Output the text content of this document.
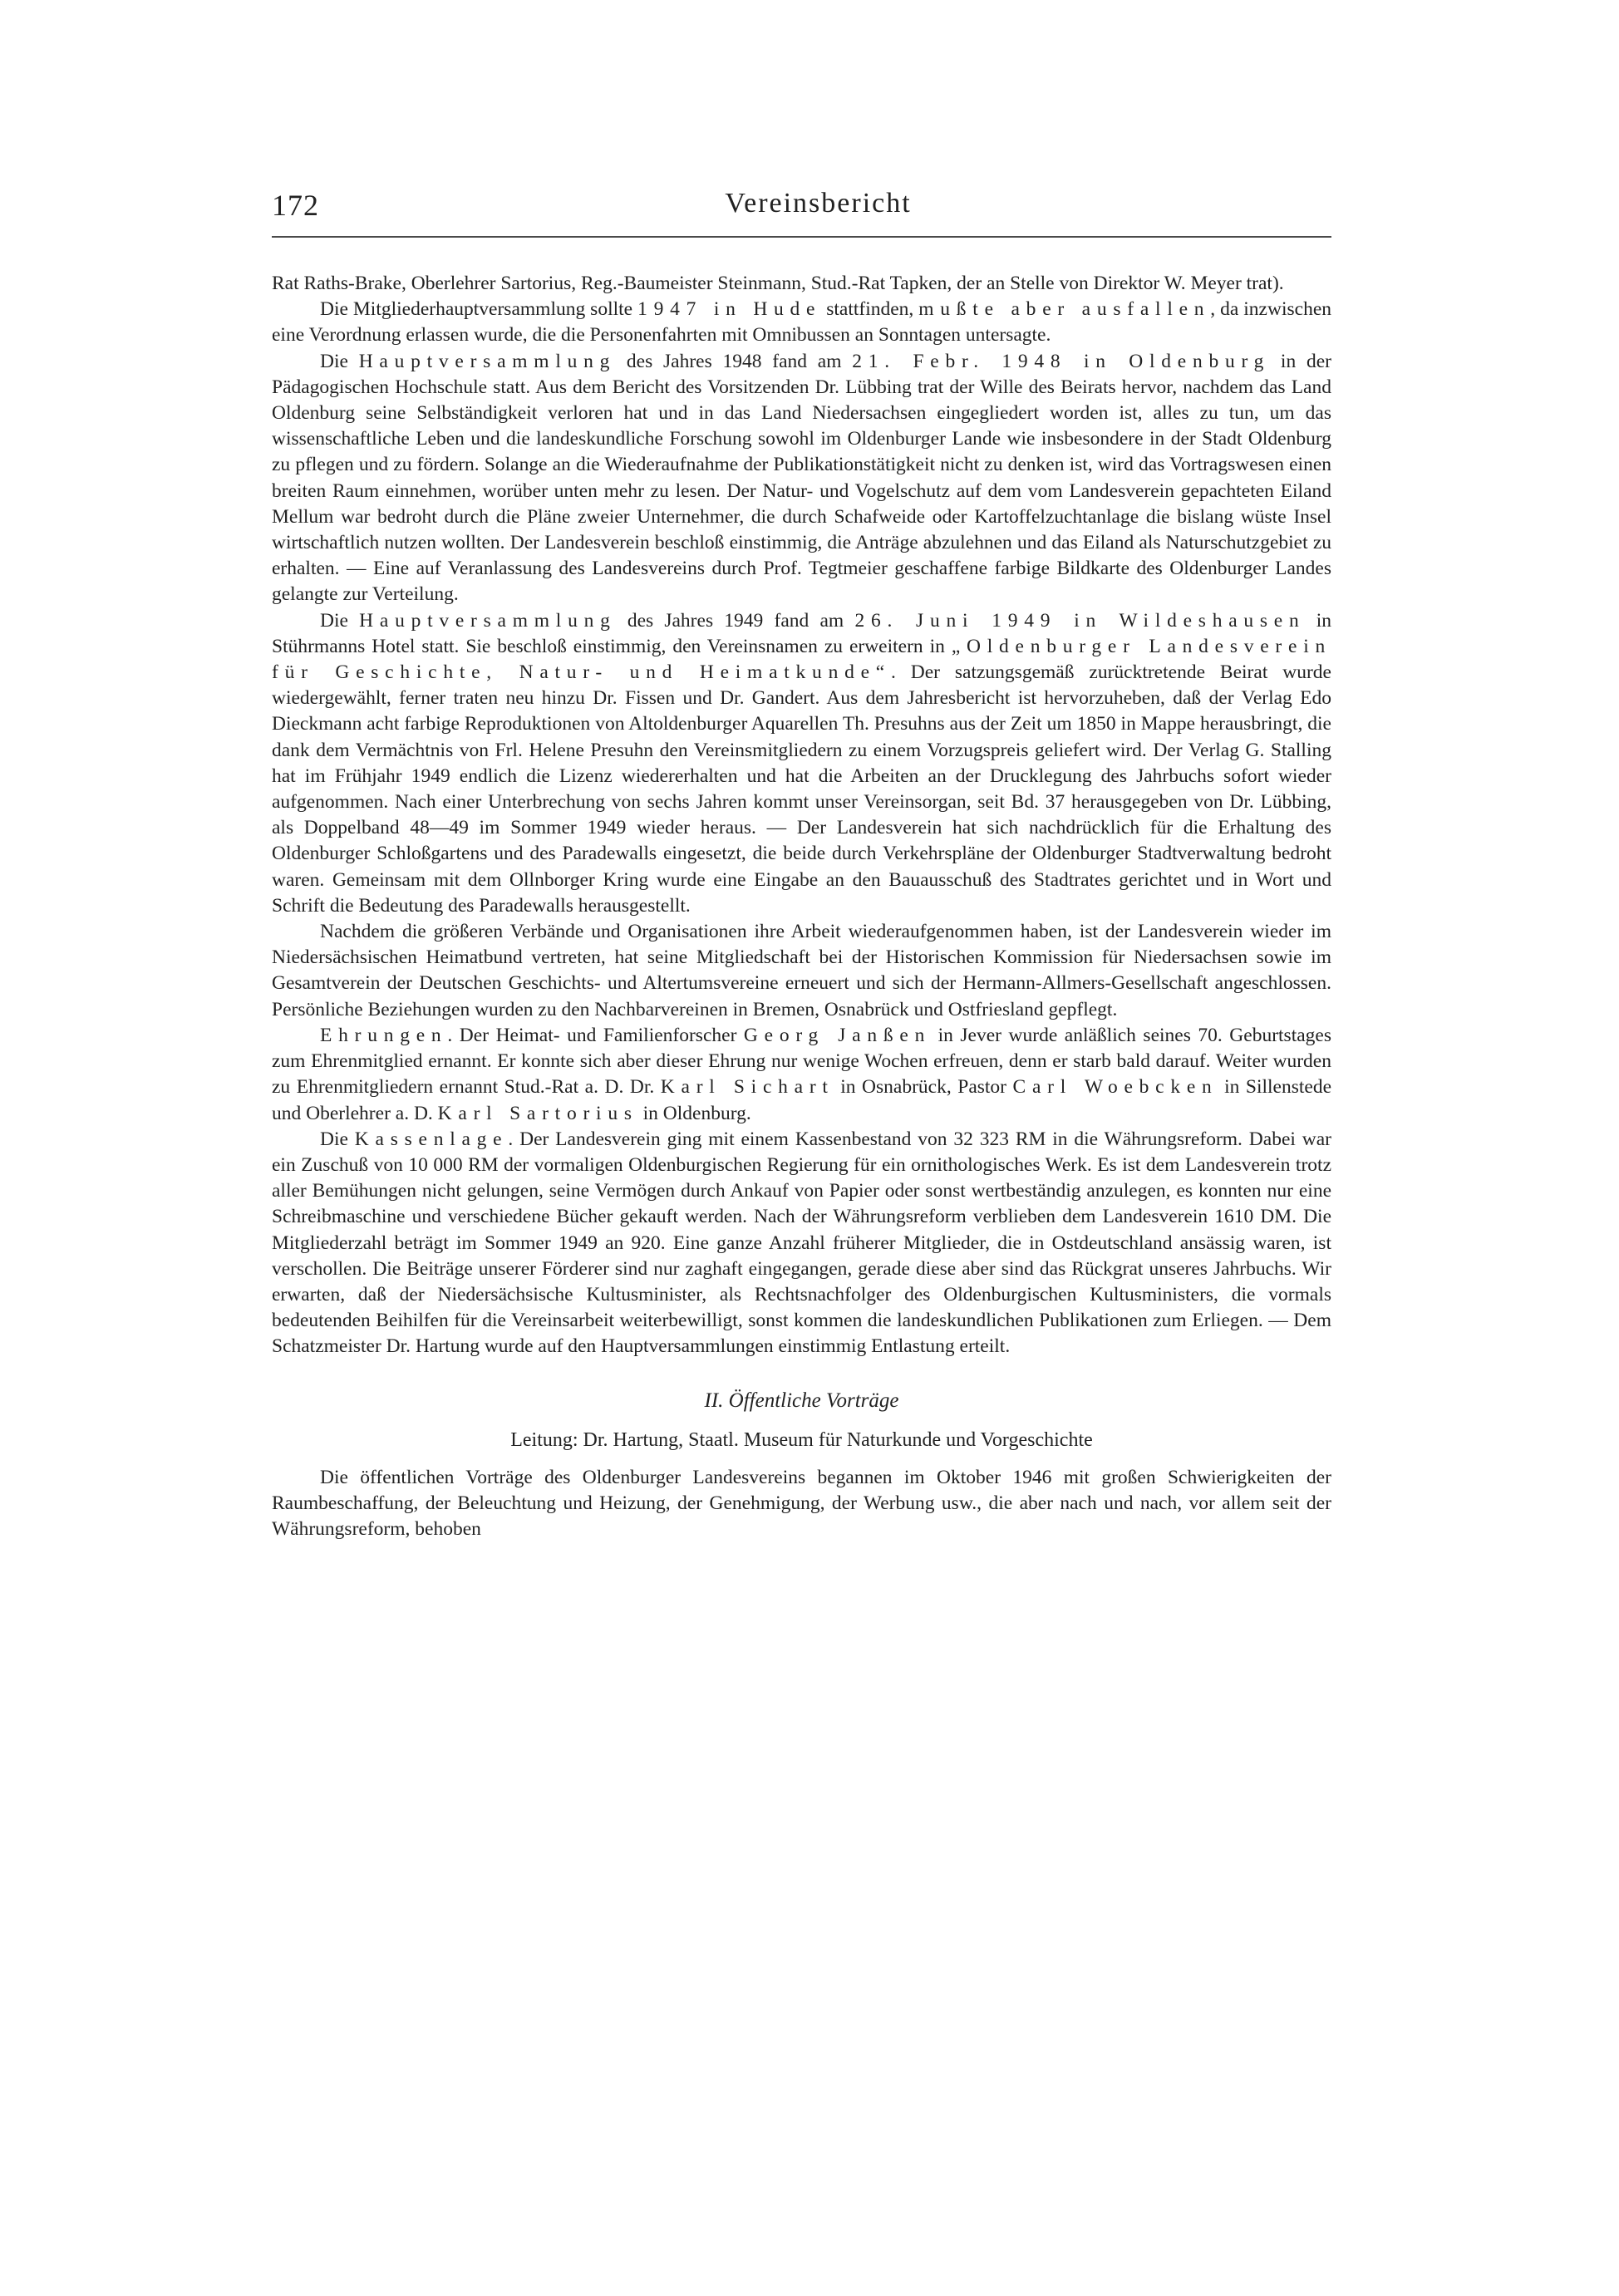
172	Vereinsbericht

Rat Raths-Brake, Oberlehrer Sartorius, Reg.-Baumeister Steinmann, Stud.-Rat Tapken, der an Stelle von Direktor W. Meyer trat).

Die Mitgliederhauptversammlung sollte 1947 in Hude stattfinden, mußte aber ausfallen, da inzwischen eine Verordnung erlassen wurde, die die Personenfahrten mit Omnibussen an Sonntagen untersagte.

Die Hauptversammlung des Jahres 1948 fand am 21. Febr. 1948 in Oldenburg in der Pädagogischen Hochschule statt. Aus dem Bericht des Vorsitzenden Dr. Lübbing trat der Wille des Beirats hervor, nachdem das Land Oldenburg seine Selbständigkeit verloren hat und in das Land Niedersachsen eingegliedert worden ist, alles zu tun, um das wissenschaftliche Leben und die landeskundliche Forschung sowohl im Oldenburger Lande wie insbesondere in der Stadt Oldenburg zu pflegen und zu fördern. Solange an die Wiederaufnahme der Publikationstätigkeit nicht zu denken ist, wird das Vortragswesen einen breiten Raum einnehmen, worüber unten mehr zu lesen. Der Natur- und Vogelschutz auf dem vom Landesverein gepachteten Eiland Mellum war bedroht durch die Pläne zweier Unternehmer, die durch Schafweide oder Kartoffelzuchtanlage die bislang wüste Insel wirtschaftlich nutzen wollten. Der Landesverein beschloß einstimmig, die Anträge abzulehnen und das Eiland als Naturschutzgebiet zu erhalten. — Eine auf Veranlassung des Landesvereins durch Prof. Tegtmeier geschaffene farbige Bildkarte des Oldenburger Landes gelangte zur Verteilung.

Die Hauptversammlung des Jahres 1949 fand am 26. Juni 1949 in Wildeshausen in Stührmanns Hotel statt. Sie beschloß einstimmig, den Vereinsnamen zu erweitern in „Oldenburger Landesverein für Geschichte, Natur- und Heimatkunde“. Der satzungsgemäß zurücktretende Beirat wurde wiedergewählt, ferner traten neu hinzu Dr. Fissen und Dr. Gandert. Aus dem Jahresbericht ist hervorzuheben, daß der Verlag Edo Dieckmann acht farbige Reproduktionen von Altoldenburger Aquarellen Th. Presuhns aus der Zeit um 1850 in Mappe herausbringt, die dank dem Vermächtnis von Frl. Helene Presuhn den Vereinsmitgliedern zu einem Vorzugspreis geliefert wird. Der Verlag G. Stalling hat im Frühjahr 1949 endlich die Lizenz wiedererhalten und hat die Arbeiten an der Drucklegung des Jahrbuchs sofort wieder aufgenommen. Nach einer Unterbrechung von sechs Jahren kommt unser Vereinsorgan, seit Bd. 37 herausgegeben von Dr. Lübbing, als Doppelband 48—49 im Sommer 1949 wieder heraus. — Der Landesverein hat sich nachdrücklich für die Erhaltung des Oldenburger Schloßgartens und des Paradewalls eingesetzt, die beide durch Verkehrspläne der Oldenburger Stadtverwaltung bedroht waren. Gemeinsam mit dem Ollnborger Kring wurde eine Eingabe an den Bauausschuß des Stadtrates gerichtet und in Wort und Schrift die Bedeutung des Paradewalls herausgestellt.

Nachdem die größeren Verbände und Organisationen ihre Arbeit wiederaufgenommen haben, ist der Landesverein wieder im Niedersächsischen Heimatbund vertreten, hat seine Mitgliedschaft bei der Historischen Kommission für Niedersachsen sowie im Gesamtverein der Deutschen Geschichts- und Altertumsvereine erneuert und sich der Hermann-Allmers-Gesellschaft angeschlossen. Persönliche Beziehungen wurden zu den Nachbarvereinen in Bremen, Osnabrück und Ostfriesland gepflegt.

Ehrungen. Der Heimat- und Familienforscher Georg Janßen in Jever wurde anläßlich seines 70. Geburtstages zum Ehrenmitglied ernannt. Er konnte sich aber dieser Ehrung nur wenige Wochen erfreuen, denn er starb bald darauf. Weiter wurden zu Ehrenmitgliedern ernannt Stud.-Rat a. D. Dr. Karl Sichart in Osnabrück, Pastor Carl Woebcken in Sillenstede und Oberlehrer a. D. Karl Sartorius in Oldenburg.

Die Kassenlage. Der Landesverein ging mit einem Kassenbestand von 32 323 RM in die Währungsreform. Dabei war ein Zuschuß von 10 000 RM der vormaligen Oldenburgischen Regierung für ein ornithologisches Werk. Es ist dem Landesverein trotz aller Bemühungen nicht gelungen, seine Vermögen durch Ankauf von Papier oder sonst wertbeständig anzulegen, es konnten nur eine Schreibmaschine und verschiedene Bücher gekauft werden. Nach der Währungsreform verblieben dem Landesverein 1610 DM. Die Mitgliederzahl beträgt im Sommer 1949 an 920. Eine ganze Anzahl früherer Mitglieder, die in Ostdeutschland ansässig waren, ist verschollen. Die Beiträge unserer Förderer sind nur zaghaft eingegangen, gerade diese aber sind das Rückgrat unseres Jahrbuchs. Wir erwarten, daß der Niedersächsische Kultusminister, als Rechtsnachfolger des Oldenburgischen Kultusministers, die vormals bedeutenden Beihilfen für die Vereinsarbeit weiterbewilligt, sonst kommen die landeskundlichen Publikationen zum Erliegen. — Dem Schatzmeister Dr. Hartung wurde auf den Hauptversammlungen einstimmig Entlastung erteilt.

II. Öffentliche Vorträge
Leitung: Dr. Hartung, Staatl. Museum für Naturkunde und Vorgeschichte

Die öffentlichen Vorträge des Oldenburger Landesvereins begannen im Oktober 1946 mit großen Schwierigkeiten der Raumbeschaffung, der Beleuchtung und Heizung, der Genehmigung, der Werbung usw., die aber nach und nach, vor allem seit der Währungsreform, behoben
